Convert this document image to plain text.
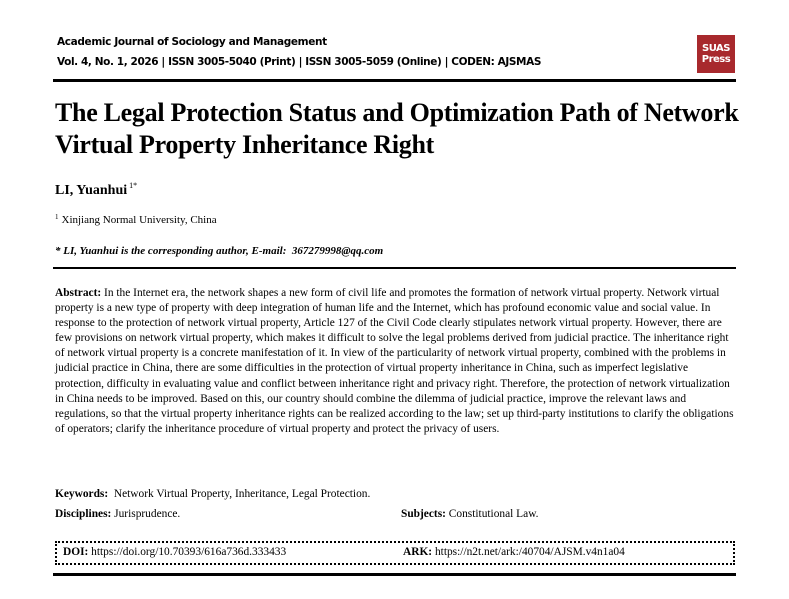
Academic Journal of Sociology and Management
Vol. 4, No. 1, 2026 | ISSN 3005-5040 (Print) | ISSN 3005-5059 (Online) | CODEN: AJSMAS
SUAS
Press
The Legal Protection Status and Optimization Path of Network Virtual Property Inheritance Right
LI, Yuanhui $^{1*}$
$^1$ Xinjiang Normal University, China
* LI, Yuanhui is the corresponding author, E-mail:  367279998@qq.com
Abstract: In the Internet era, the network shapes a new form of civil life and promotes the formation of network virtual property. Network virtual property is a new type of property with deep integration of human life and the Internet, which has profound economic value and social value. In response to the protection of network virtual property, Article 127 of the Civil Code clearly stipulates network virtual property. However, there are few provisions on network virtual property, which makes it difficult to solve the legal problems derived from judicial practice. The inheritance right of network virtual property is a concrete manifestation of it. In view of the particularity of network virtual property, combined with the problems in judicial practice in China, there are some difficulties in the protection of virtual property inheritance in China, such as imperfect legislative protection, difficulty in evaluating value and conflict between inheritance right and privacy right. Therefore, the protection of network virtualization in China needs to be improved. Based on this, our country should combine the dilemma of judicial practice, improve the relevant laws and regulations, so that the virtual property inheritance rights can be realized according to the law; set up third-party institutions to clarify the obligations of operators; clarify the inheritance procedure of virtual property and protect the privacy of users.
Keywords:  Network Virtual Property, Inheritance, Legal Protection.
Disciplines: Jurisprudence.	Subjects: Constitutional Law.
DOI: https://doi.org/10.70393/616a736d.333433	ARK: https://n2t.net/ark:/40704/AJSM.v4n1a04
